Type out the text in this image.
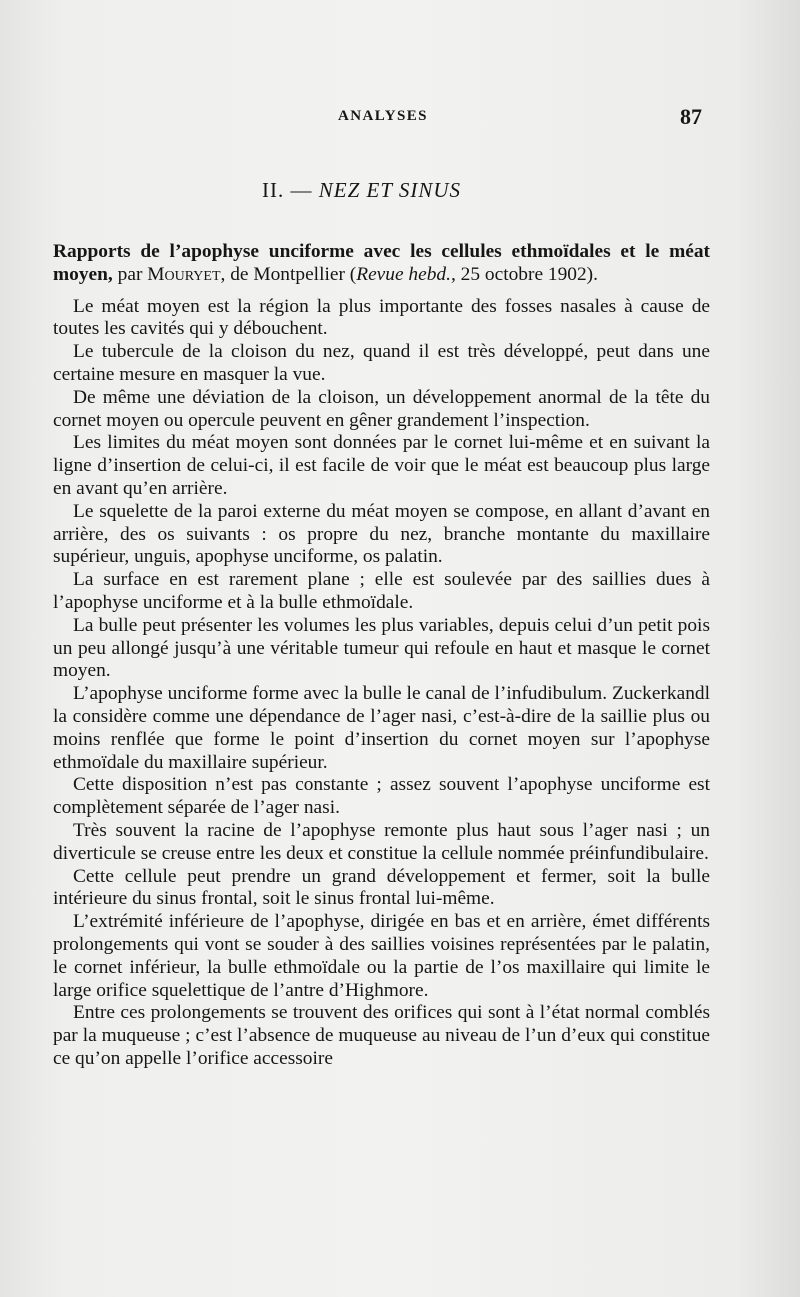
ANALYSES	87
II. — NEZ ET SINUS
Rapports de l’apophyse unciforme avec les cellules ethmoïdales et le méat moyen, par Mouryet, de Montpellier (Revue hebd., 25 octobre 1902).

Le méat moyen est la région la plus importante des fosses nasales à cause de toutes les cavités qui y débouchent.

Le tubercule de la cloison du nez, quand il est très développé, peut dans une certaine mesure en masquer la vue.

De même une déviation de la cloison, un développement anormal de la tête du cornet moyen ou opercule peuvent en gêner grandement l’inspection.

Les limites du méat moyen sont données par le cornet lui-même et en suivant la ligne d’insertion de celui-ci, il est facile de voir que le méat est beaucoup plus large en avant qu’en arrière.

Le squelette de la paroi externe du méat moyen se compose, en allant d’avant en arrière, des os suivants : os propre du nez, branche montante du maxillaire supérieur, unguis, apophyse unciforme, os palatin.

La surface en est rarement plane ; elle est soulevée par des saillies dues à l’apophyse unciforme et à la bulle ethmoïdale.

La bulle peut présenter les volumes les plus variables, depuis celui d’un petit pois un peu allongé jusqu’à une véritable tumeur qui refoule en haut et masque le cornet moyen.

L’apophyse unciforme forme avec la bulle le canal de l’infudibulum. Zuckerkandl la considère comme une dépendance de l’ager nasi, c’est-à-dire de la saillie plus ou moins renflée que forme le point d’insertion du cornet moyen sur l’apophyse ethmoïdale du maxillaire supérieur.

Cette disposition n’est pas constante ; assez souvent l’apophyse unciforme est complètement séparée de l’ager nasi.

Très souvent la racine de l’apophyse remonte plus haut sous l’ager nasi ; un diverticule se creuse entre les deux et constitue la cellule nommée préinfundibulaire.

Cette cellule peut prendre un grand développement et fermer, soit la bulle intérieure du sinus frontal, soit le sinus frontal lui-même.

L’extrémité inférieure de l’apophyse, dirigée en bas et en arrière, émet différents prolongements qui vont se souder à des saillies voisines représentées par le palatin, le cornet inférieur, la bulle ethmoïdale ou la partie de l’os maxillaire qui limite le large orifice squelettique de l’antre d’Highmore.

Entre ces prolongements se trouvent des orifices qui sont à l’état normal comblés par la muqueuse ; c’est l’absence de muqueuse au niveau de l’un d’eux qui constitue ce qu’on appelle l’orifice accessoire
